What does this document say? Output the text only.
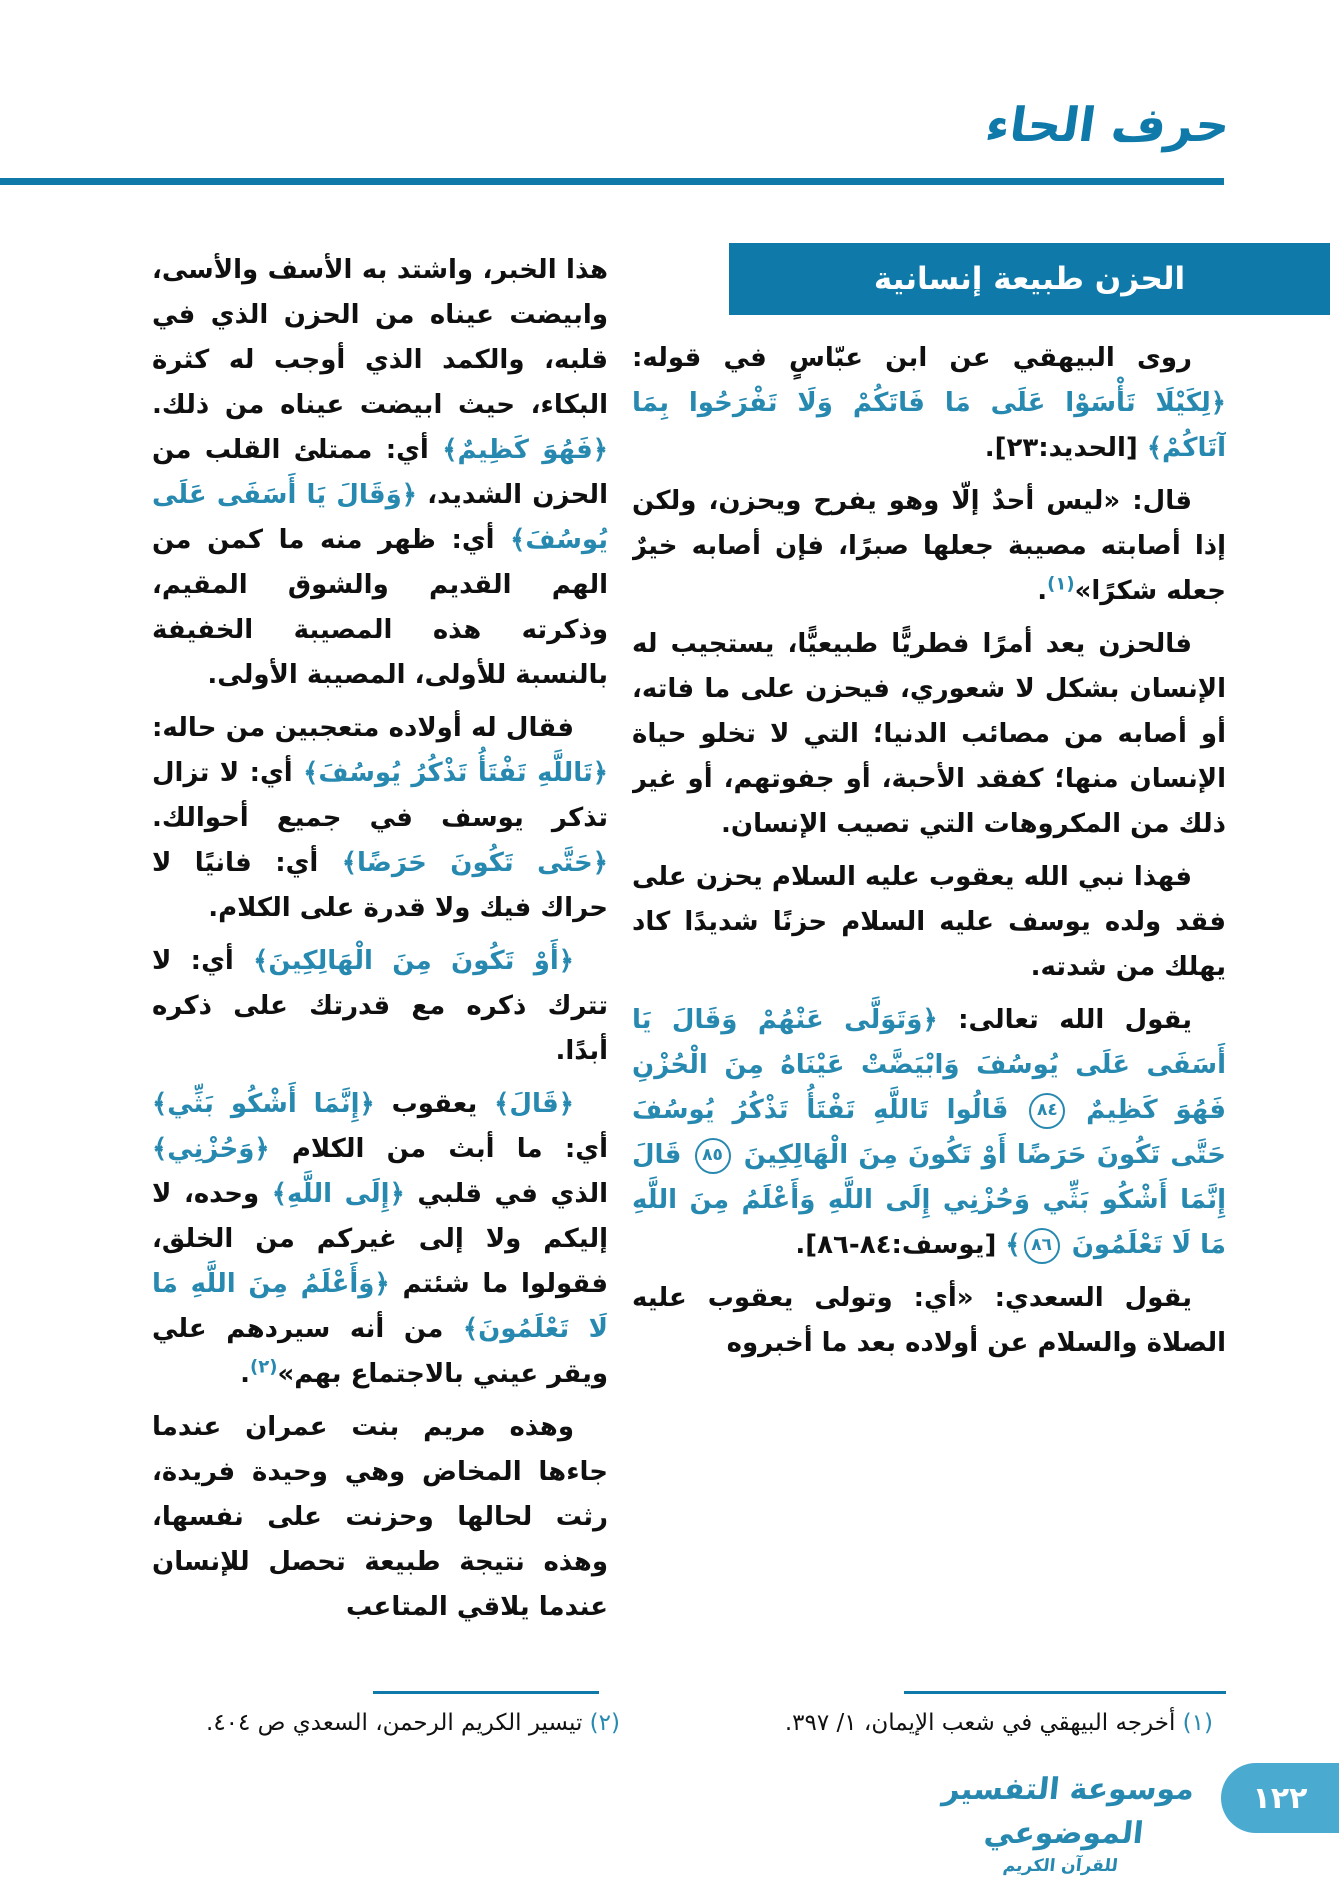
حرف الحاء
الحزن طبيعة إنسانية
روى البيهقي عن ابن عبّاسٍ في قوله: ﴿لِكَيْلَا تَأْسَوْا عَلَى مَا فَاتَكُمْ وَلَا تَفْرَحُوا بِمَا آتَاكُمْ﴾ [الحديد:٢٣].
قال: «ليس أحدٌ إلّا وهو يفرح ويحزن، ولكن إذا أصابته مصيبة جعلها صبرًا، فإن أصابه خيرٌ جعله شكرًا»$^{(١)}$.
فالحزن يعد أمرًا فطريًّا طبيعيًّا، يستجيب له الإنسان بشكل لا شعوري، فيحزن على ما فاته، أو أصابه من مصائب الدنيا؛ التي لا تخلو حياة الإنسان منها؛ كفقد الأحبة، أو جفوتهم، أو غير ذلك من المكروهات التي تصيب الإنسان.
فهذا نبي الله يعقوب عليه السلام يحزن على فقد ولده يوسف عليه السلام حزنًا شديدًا كاد يهلك من شدته.
يقول الله تعالى: ﴿وَتَوَلَّى عَنْهُمْ وَقَالَ يَا أَسَفَى عَلَى يُوسُفَ وَابْيَضَّتْ عَيْنَاهُ مِنَ الْحُزْنِ فَهُوَ كَظِيمٌ ٨٤ قَالُوا تَاللَّهِ تَفْتَأُ تَذْكُرُ يُوسُفَ حَتَّى تَكُونَ حَرَضًا أَوْ تَكُونَ مِنَ الْهَالِكِينَ ٨٥ قَالَ إِنَّمَا أَشْكُو بَثِّي وَحُزْنِي إِلَى اللَّهِ وَأَعْلَمُ مِنَ اللَّهِ مَا لَا تَعْلَمُونَ ٨٦﴾ [يوسف:٨٤-٨٦].
يقول السعدي: «أي: وتولى يعقوب عليه الصلاة والسلام عن أولاده بعد ما أخبروه
هذا الخبر، واشتد به الأسف والأسى، وابيضت عيناه من الحزن الذي في قلبه، والكمد الذي أوجب له كثرة البكاء، حيث ابيضت عيناه من ذلك. ﴿فَهُوَ كَظِيمٌ﴾ أي: ممتلئ القلب من الحزن الشديد، ﴿وَقَالَ يَا أَسَفَى عَلَى يُوسُفَ﴾ أي: ظهر منه ما كمن من الهم القديم والشوق المقيم، وذكرته هذه المصيبة الخفيفة بالنسبة للأولى، المصيبة الأولى.
فقال له أولاده متعجبين من حاله: ﴿تَاللَّهِ تَفْتَأُ تَذْكُرُ يُوسُفَ﴾ أي: لا تزال تذكر يوسف في جميع أحوالك. ﴿حَتَّى تَكُونَ حَرَضًا﴾ أي: فانيًا لا حراك فيك ولا قدرة على الكلام.
﴿أَوْ تَكُونَ مِنَ الْهَالِكِينَ﴾ أي: لا تترك ذكره مع قدرتك على ذكره أبدًا.
﴿قَالَ﴾ يعقوب ﴿إِنَّمَا أَشْكُو بَثِّي﴾ أي: ما أبث من الكلام ﴿وَحُزْنِي﴾ الذي في قلبي ﴿إِلَى اللَّهِ﴾ وحده، لا إليكم ولا إلى غيركم من الخلق، فقولوا ما شئتم ﴿وَأَعْلَمُ مِنَ اللَّهِ مَا لَا تَعْلَمُونَ﴾ من أنه سيردهم علي ويقر عيني بالاجتماع بهم»$^{(٢)}$.
وهذه مريم بنت عمران عندما جاءها المخاض وهي وحيدة فريدة، رثت لحالها وحزنت على نفسها، وهذه نتيجة طبيعة تحصل للإنسان عندما يلاقي المتاعب
(١) أخرجه البيهقي في شعب الإيمان، ١/ ٣٩٧.
(٢) تيسير الكريم الرحمن، السعدي ص ٤٠٤.
موسوعة التفسير الموضوعي
للقرآن الكريم
١٢٢
